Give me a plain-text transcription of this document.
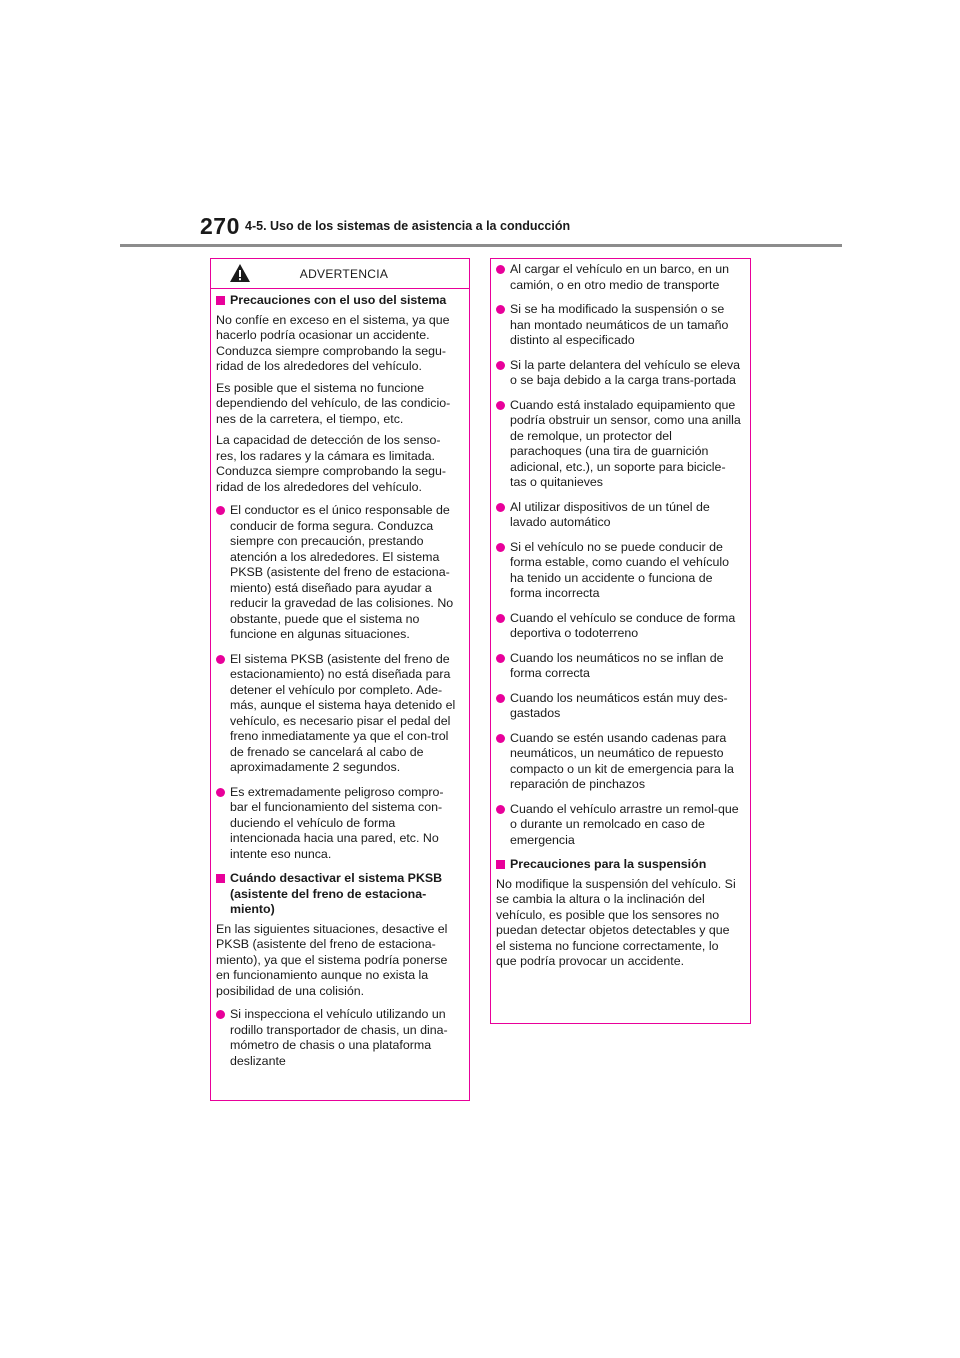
270 4-5. Uso de los sistemas de asistencia a la conducción
ADVERTENCIA
Precauciones con el uso del sistema

No confíe en exceso en el sistema, ya que hacerlo podría ocasionar un accidente. Conduzca siempre comprobando la segu-ridad de los alrededores del vehículo.

Es posible que el sistema no funcione dependiendo del vehículo, de las condicio-nes de la carretera, el tiempo, etc.

La capacidad de detección de los senso-res, los radares y la cámara es limitada. Conduzca siempre comprobando la segu-ridad de los alrededores del vehículo.

El conductor es el único responsable de conducir de forma segura. Conduzca siempre con precaución, prestando atención a los alrededores. El sistema PKSB (asistente del freno de estaciona-miento) está diseñado para ayudar a reducir la gravedad de las colisiones. No obstante, puede que el sistema no funcione en algunas situaciones.
El sistema PKSB (asistente del freno de estacionamiento) no está diseñada para detener el vehículo por completo. Ade-más, aunque el sistema haya detenido el vehículo, es necesario pisar el pedal del freno inmediatamente ya que el con-trol de frenado se cancelará al cabo de aproximadamente 2 segundos.
Es extremadamente peligroso compro-bar el funcionamiento del sistema con-duciendo el vehículo de forma intencionada hacia una pared, etc. No intente eso nunca.
Cuándo desactivar el sistema PKSB (asistente del freno de estaciona-miento)

En las siguientes situaciones, desactive el PKSB (asistente del freno de estaciona-miento), ya que el sistema podría ponerse en funcionamiento aunque no exista la posibilidad de una colisión.

Si inspecciona el vehículo utilizando un rodillo transportador de chasis, un dina-mómetro de chasis o una plataforma deslizante
Al cargar el vehículo en un barco, en un camión, o en otro medio de transporte
Si se ha modificado la suspensión o se han montado neumáticos de un tamaño distinto al especificado
Si la parte delantera del vehículo se eleva o se baja debido a la carga trans-portada
Cuando está instalado equipamiento que podría obstruir un sensor, como una anilla de remolque, un protector del parachoques (una tira de guarnición adicional, etc.), un soporte para bicicle-tas o quitanieves
Al utilizar dispositivos de un túnel de lavado automático
Si el vehículo no se puede conducir de forma estable, como cuando el vehículo ha tenido un accidente o funciona de forma incorrecta
Cuando el vehículo se conduce de forma deportiva o todoterreno
Cuando los neumáticos no se inflan de forma correcta
Cuando los neumáticos están muy des-gastados
Cuando se estén usando cadenas para neumáticos, un neumático de repuesto compacto o un kit de emergencia para la reparación de pinchazos
Cuando el vehículo arrastre un remol-que o durante un remolcado en caso de emergencia
Precauciones para la suspensión

No modifique la suspensión del vehículo. Si se cambia la altura o la inclinación del vehículo, es posible que los sensores no puedan detectar objetos detectables y que el sistema no funcione correctamente, lo que podría provocar un accidente.
